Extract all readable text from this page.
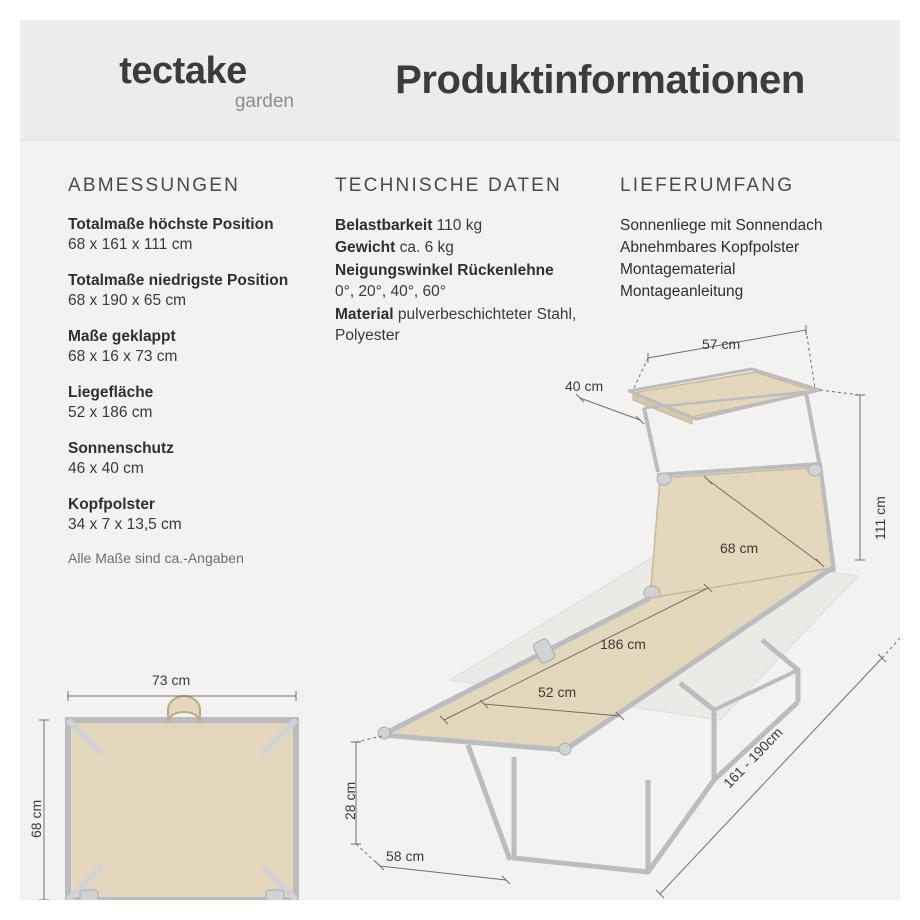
tectake
garden	Produktinformationen
ABMESSUNGEN
Totalmaße höchste Position
68 x 161 x 111 cm
Totalmaße niedrigste Position
68 x 190 x 65 cm
Maße geklappt
68 x 16 x 73 cm
Liegefläche
52 x 186 cm
Sonnenschutz
46 x 40 cm
Kopfpolster
34 x 7 x 13,5 cm
Alle Maße sind ca.-Angaben
TECHNISCHE DATEN
Belastbarkeit 110 kg
Gewicht ca. 6 kg
Neigungswinkel Rückenlehne
0°, 20°, 40°, 60°
Material pulverbeschichteter Stahl, Polyester
LIEFERUMFANG
Sonnenliege mit Sonnendach
Abnehmbares Kopfpolster
Montagematerial
Montageanleitung
57 cm
40 cm
111 cm
68 cm
186 cm
52 cm
28 cm
58 cm
161 - 190cm
73 cm
68 cm
